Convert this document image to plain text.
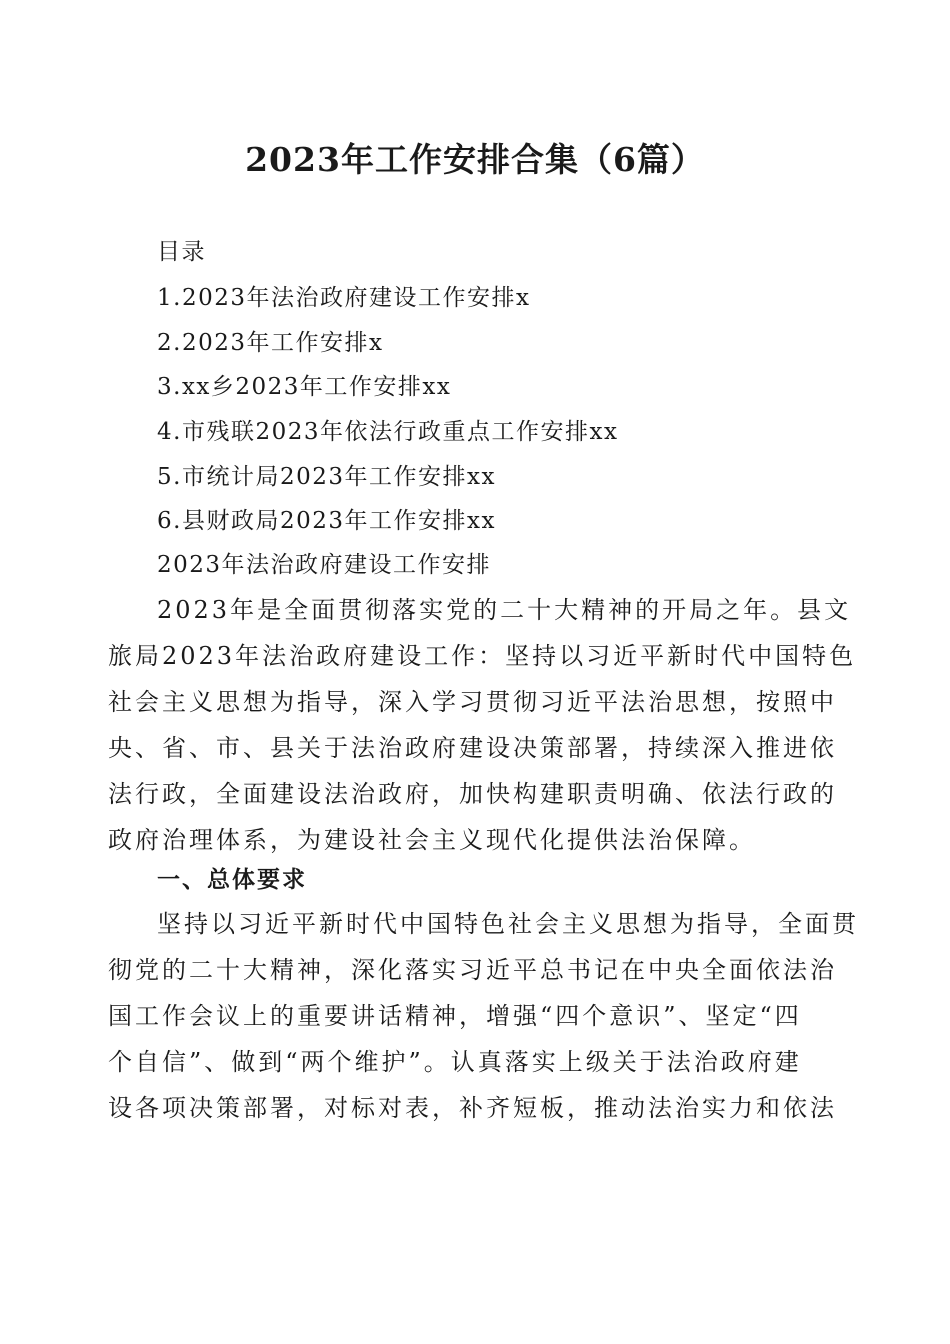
2023年工作安排合集（6篇）
目录
1.2023年法治政府建设工作安排x
2.2023年工作安排x
3.xx乡2023年工作安排xx
4.市残联2023年依法行政重点工作安排xx
5.市统计局2023年工作安排xx
6.县财政局2023年工作安排xx
2023年法治政府建设工作安排
2023年是全面贯彻落实党的二十大精神的开局之年。县文
旅局2023年法治政府建设工作：坚持以习近平新时代中国特色
社会主义思想为指导，深入学习贯彻习近平法治思想，按照中
央、省、市、县关于法治政府建设决策部署，持续深入推进依
法行政，全面建设法治政府，加快构建职责明确、依法行政的
政府治理体系，为建设社会主义现代化提供法治保障。
一、总体要求
坚持以习近平新时代中国特色社会主义思想为指导，全面贯
彻党的二十大精神，深化落实习近平总书记在中央全面依法治
国工作会议上的重要讲话精神，增强“四个意识”、坚定“四
个自信”、做到“两个维护”。认真落实上级关于法治政府建
设各项决策部署，对标对表，补齐短板，推动法治实力和依法
